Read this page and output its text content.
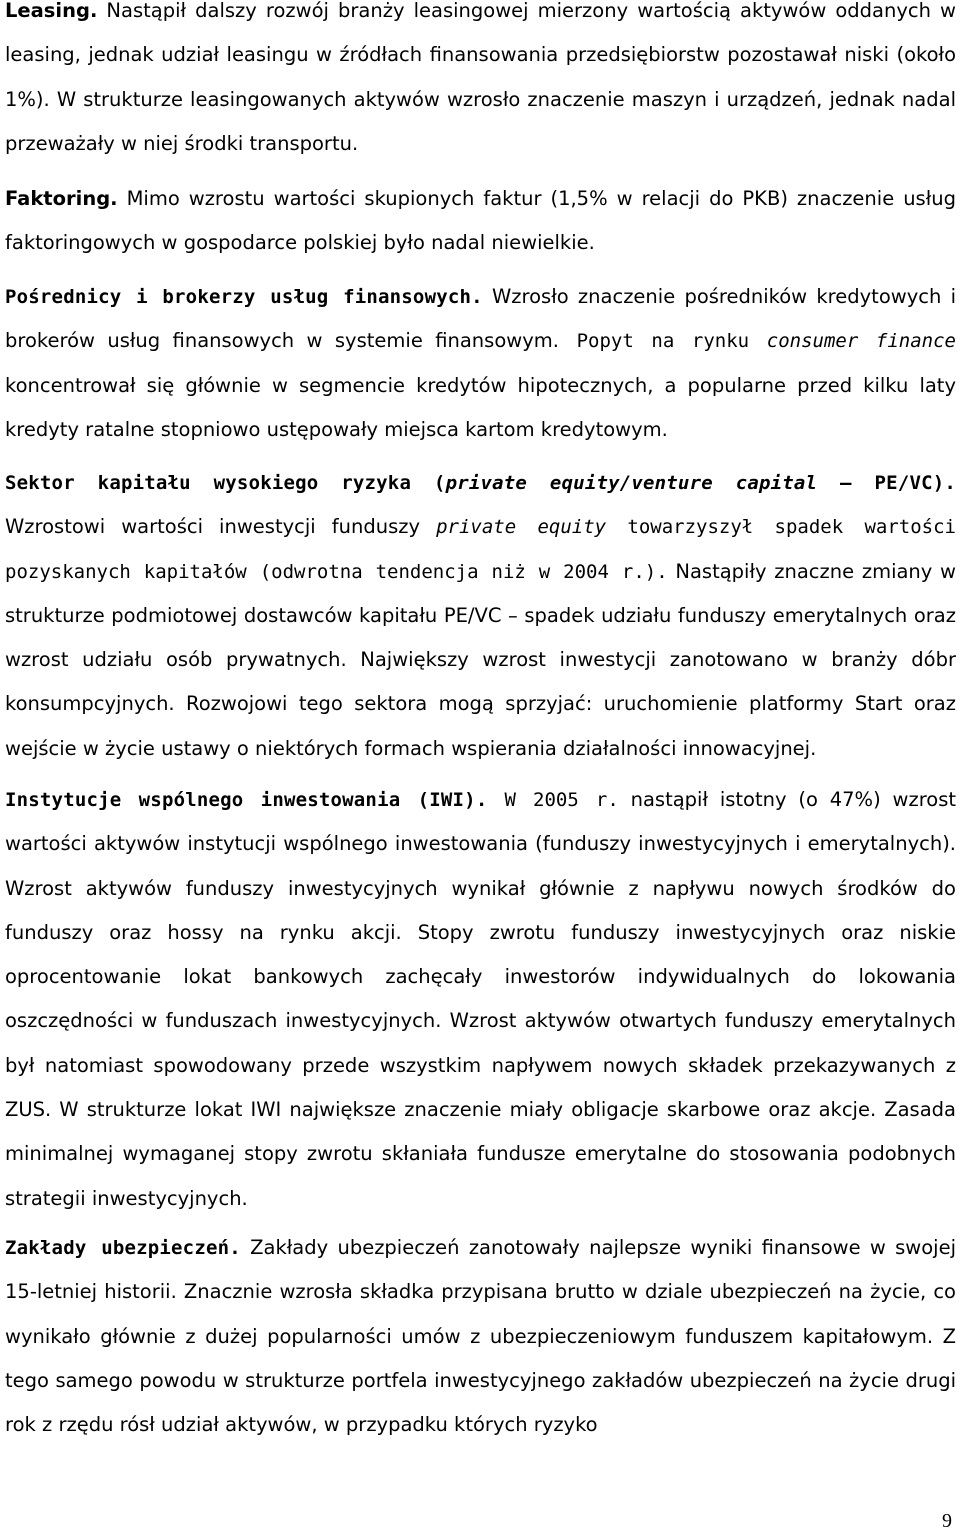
Leasing. Nastąpił dalszy rozwój branży leasingowej mierzony wartością aktywów oddanych w leasing, jednak udział leasingu w źródłach finansowania przedsiębiorstw pozostawał niski (około 1%). W strukturze leasingowanych aktywów wzrosło znaczenie maszyn i urządzeń, jednak nadal przeważały w niej środki transportu.

Faktoring. Mimo wzrostu wartości skupionych faktur (1,5% w relacji do PKB) znaczenie usług faktoringowych w gospodarce polskiej było nadal niewielkie.

Pośrednicy i brokerzy usług finansowych. Wzrosło znaczenie pośredników kredytowych i brokerów usług finansowych w systemie finansowym. Popyt na rynku consumer finance koncentrował się głównie w segmencie kredytów hipotecznych, a popularne przed kilku laty kredyty ratalne stopniowo ustępowały miejsca kartom kredytowym.

Sektor kapitału wysokiego ryzyka (private equity/venture capital – PE/VC). Wzrostowi wartości inwestycji funduszy private equity towarzyszył spadek wartości pozyskanych kapitałów (odwrotna tendencja niż w 2004 r.). Nastąpiły znaczne zmiany w strukturze podmiotowej dostawców kapitału PE/VC – spadek udziału funduszy emerytalnych oraz wzrost udziału osób prywatnych. Największy wzrost inwestycji zanotowano w branży dóbr konsumpcyjnych. Rozwojowi tego sektora mogą sprzyjać: uruchomienie platformy Start oraz wejście w życie ustawy o niektórych formach wspierania działalności innowacyjnej.

Instytucje wspólnego inwestowania (IWI). W 2005 r. nastąpił istotny (o 47%) wzrost wartości aktywów instytucji wspólnego inwestowania (funduszy inwestycyjnych i emerytalnych). Wzrost aktywów funduszy inwestycyjnych wynikał głównie z napływu nowych środków do funduszy oraz hossy na rynku akcji. Stopy zwrotu funduszy inwestycyjnych oraz niskie oprocentowanie lokat bankowych zachęcały inwestorów indywidualnych do lokowania oszczędności w funduszach inwestycyjnych. Wzrost aktywów otwartych funduszy emerytalnych był natomiast spowodowany przede wszystkim napływem nowych składek przekazywanych z ZUS. W strukturze lokat IWI największe znaczenie miały obligacje skarbowe oraz akcje. Zasada minimalnej wymaganej stopy zwrotu skłaniała fundusze emerytalne do stosowania podobnych strategii inwestycyjnych.

Zakłady ubezpieczeń. Zakłady ubezpieczeń zanotowały najlepsze wyniki finansowe w swojej 15-letniej historii. Znacznie wzrosła składka przypisana brutto w dziale ubezpieczeń na życie, co wynikało głównie z dużej popularności umów z ubezpieczeniowym funduszem kapitałowym. Z tego samego powodu w strukturze portfela inwestycyjnego zakładów ubezpieczeń na życie drugi rok z rzędu rósł udział aktywów, w przypadku których ryzyko

9
